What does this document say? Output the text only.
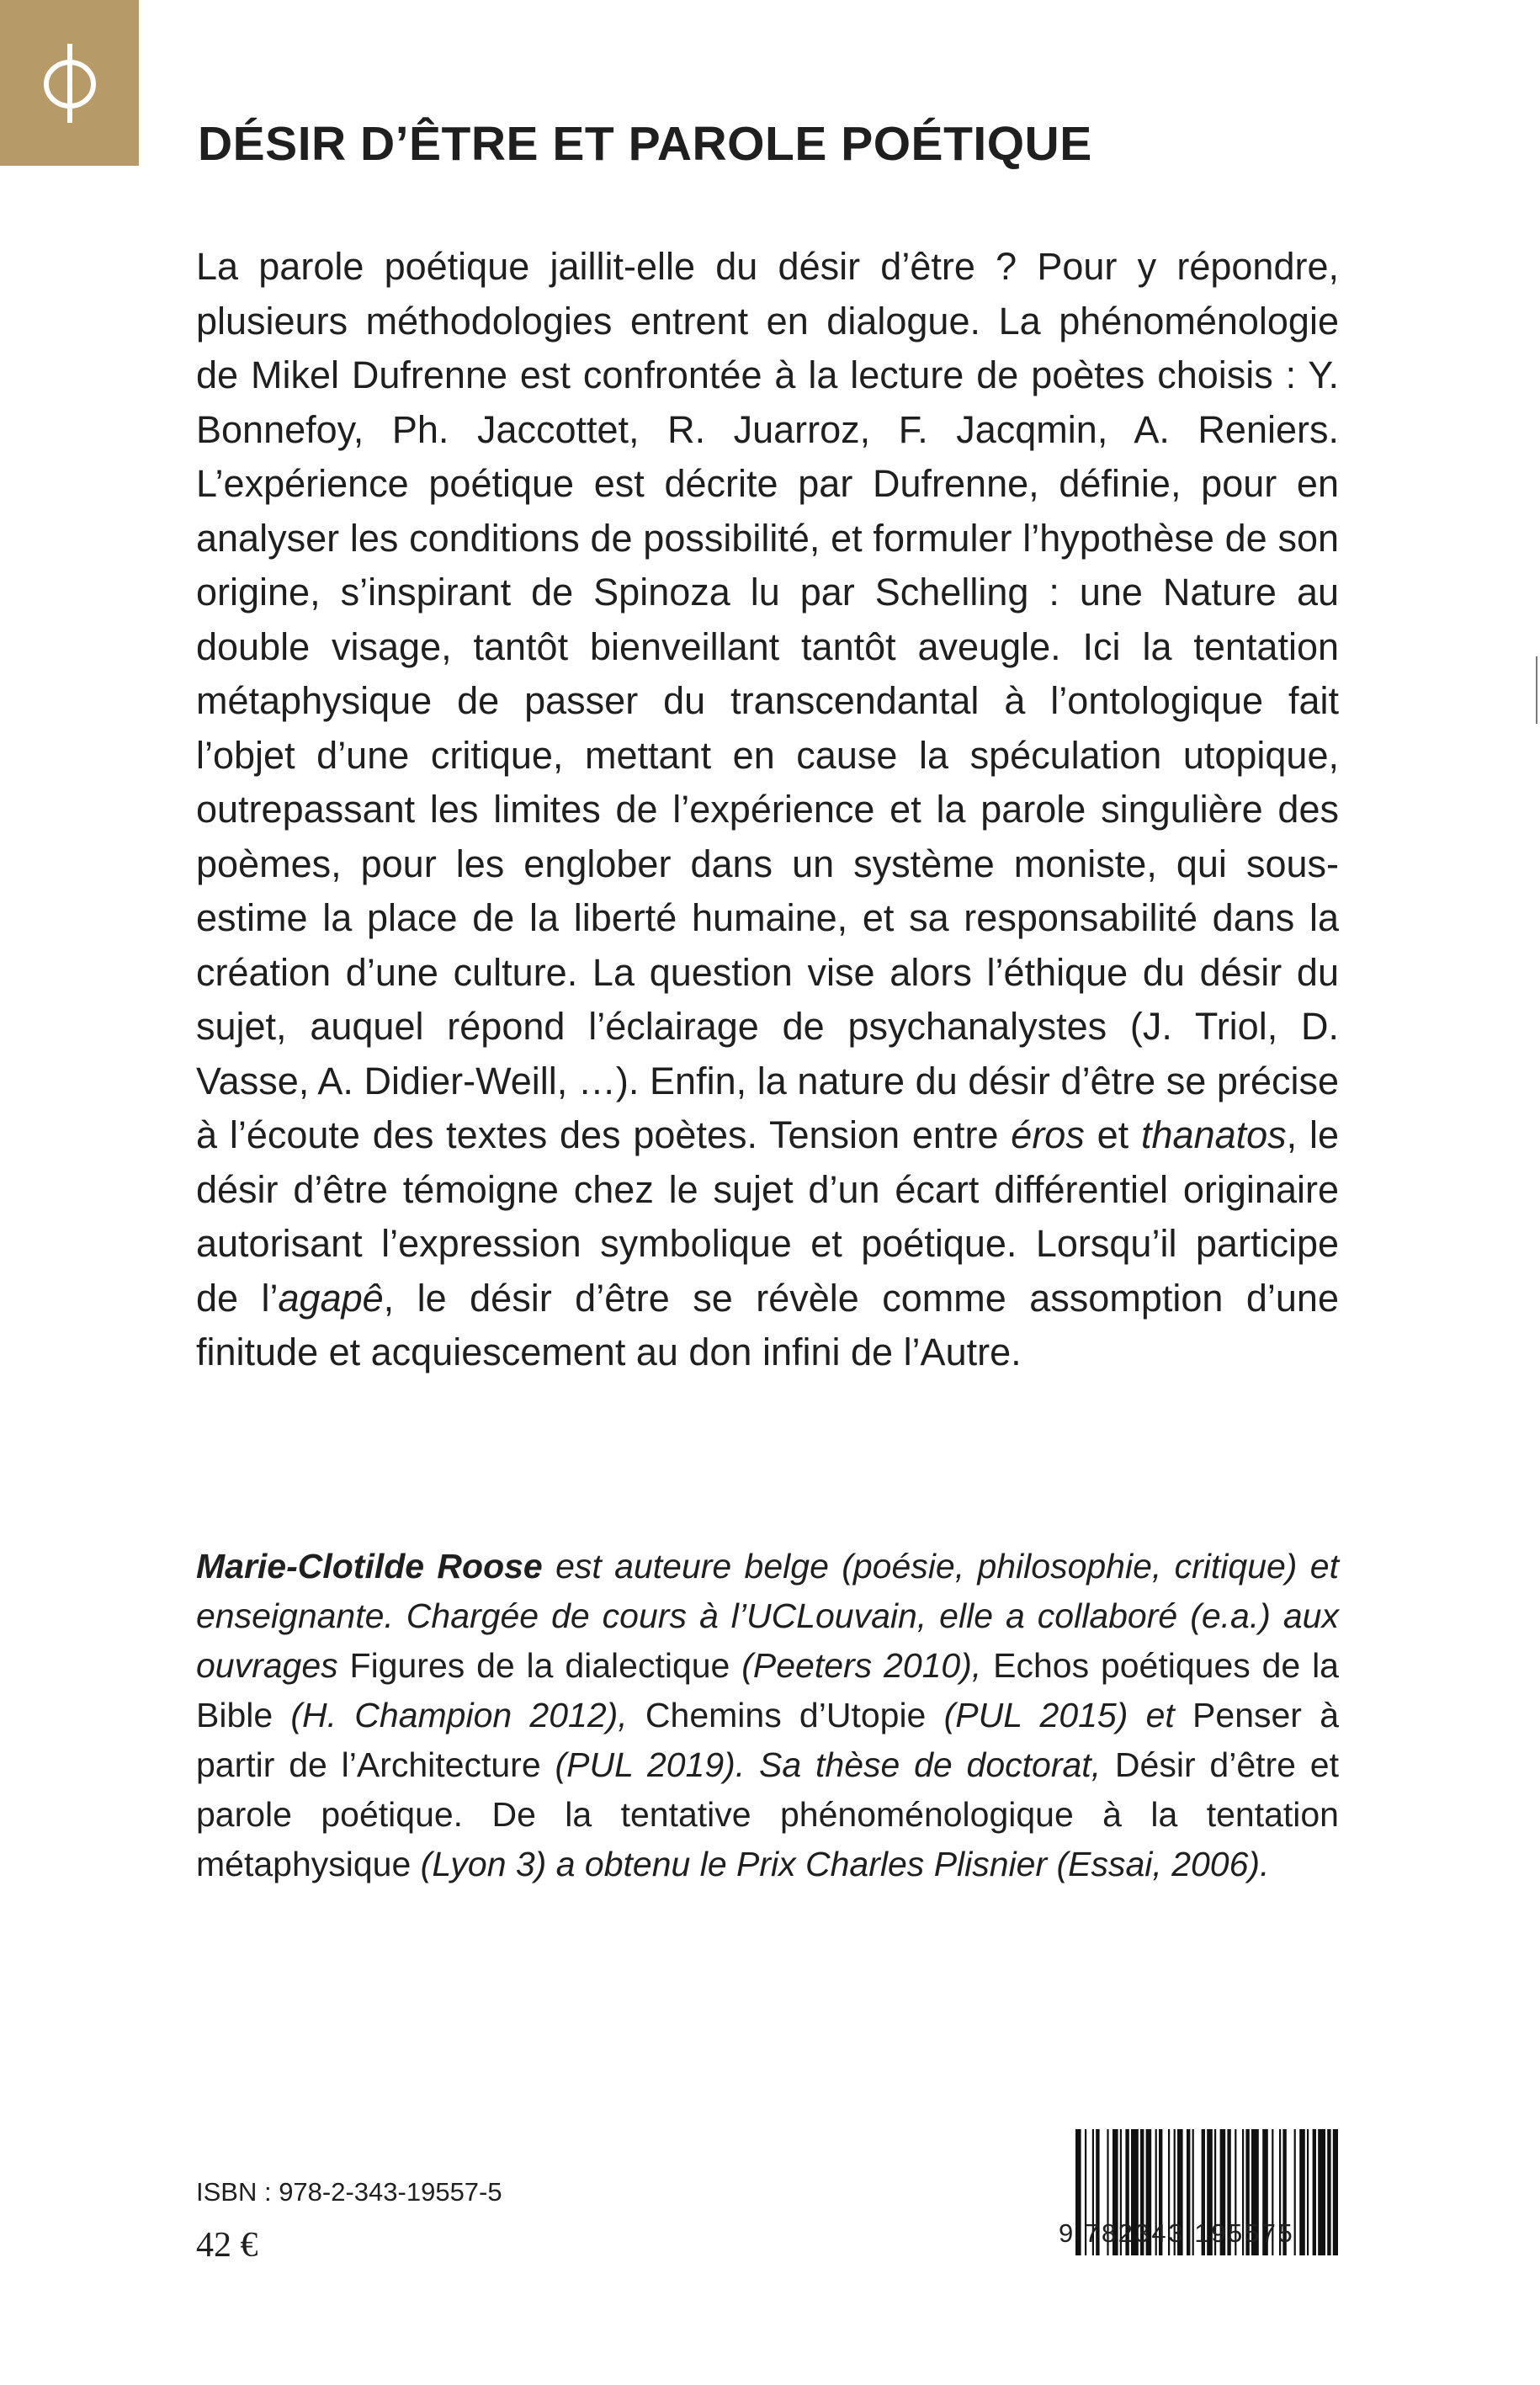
DÉSIR D’ÊTRE ET PAROLE POÉTIQUE

La parole poétique jaillit-elle du désir d’être ? Pour y répondre, plusieurs méthodologies entrent en dialogue. La phénoménologie de Mikel Dufrenne est confrontée à la lecture de poètes choisis : Y. Bonnefoy, Ph. Jaccottet, R. Juarroz, F. Jacqmin, A. Reniers. L’expérience poétique est décrite par Dufrenne, définie, pour en analyser les conditions de possibilité, et formuler l’hypothèse de son origine, s’inspirant de Spinoza lu par Schelling : une Nature au double visage, tantôt bienveillant tantôt aveugle. Ici la tentation métaphysique de passer du transcendantal à l’ontologique fait l’objet d’une critique, mettant en cause la spéculation utopique, outrepassant les limites de l’expérience et la parole singulière des poèmes, pour les englober dans un système moniste, qui sous-estime la place de la liberté humaine, et sa responsabilité dans la création d’une culture. La question vise alors l’éthique du désir du sujet, auquel répond l’éclairage de psychanalystes (J. Triol, D. Vasse, A. Didier-Weill, …). Enfin, la nature du désir d’être se précise à l’écoute des textes des poètes. Tension entre éros et thanatos, le désir d’être témoigne chez le sujet d’un écart différentiel originaire autorisant l’expression symbolique et poétique. Lorsqu’il participe de l’agapê, le désir d’être se révèle comme assomption d’une finitude et acquiescement au don infini de l’Autre.

Marie-Clotilde Roose est auteure belge (poésie, philosophie, critique) et enseignante. Chargée de cours à l’UCLouvain, elle a collaboré (e.a.) aux ouvrages Figures de la dialectique (Peeters 2010), Echos poétiques de la Bible (H. Champion 2012), Chemins d’Utopie (PUL 2015) et Penser à partir de l’Architecture (PUL 2019). Sa thèse de doctorat, Désir d’être et parole poétique. De la tentative phénoménologique à la tentation métaphysique (Lyon 3) a obtenu le Prix Charles Plisnier (Essai, 2006).

ISBN : 978-2-343-19557-5
42 €	9 782343 195575
